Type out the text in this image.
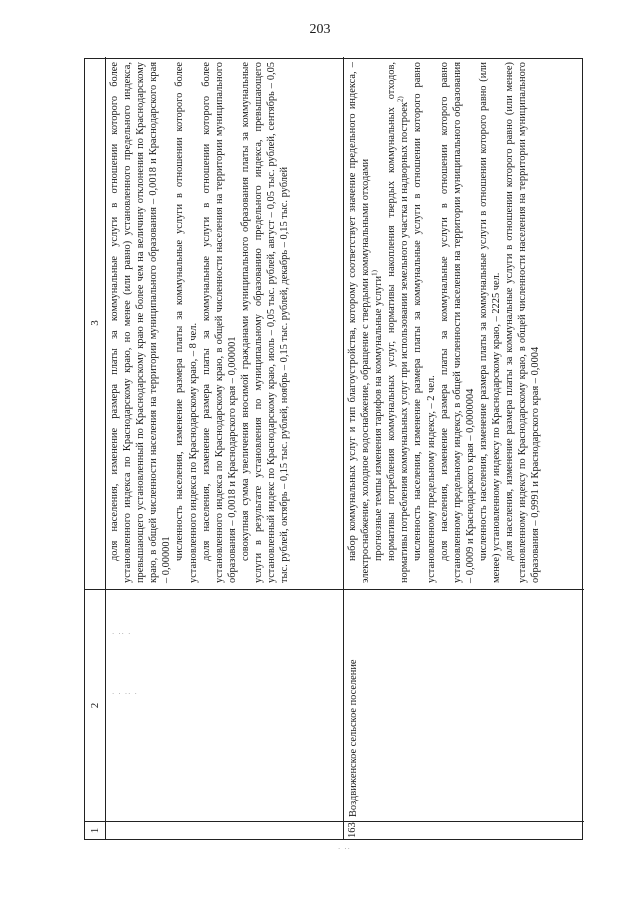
203
1
2
3 доля населения, изменение размера платы за коммунальные услуги в отношении которого более установленного индекса по Краснодарскому краю, но менее (или равно) установленного предельного индекса, превышающего установленный по Краснодарскому краю не более чем на величину отклонения по Краснодарскому краю, в общей численности населения на территории муниципального образования – 0,0018 и Краснодарского края – 0,000001 численность населения, изменение размера платы за коммунальные услуги в отношении которого более установленного индекса по Краснодарскому краю, – 8 чел. доля населения, изменение размера платы за коммунальные услуги в отношении которого более установленного индекса по Краснодарскому краю, в общей численности населения на территории муниципального образования – 0,0018 и Краснодарского края – 0,000001 совокупная сумма увеличения вносимой гражданами муниципального образования платы за коммунальные услуги в результате установления по муниципальному образованию предельного индекса, превышающего установленный индекс по Краснодарскому краю, июль – 0,05 тыс. рублей, август – 0,05 тыс. рублей, сентябрь – 0,05 тыс. рублей, октябрь – 0,15 тыс. рублей, ноябрь – 0,15 тыс. рублей, декабрь – 0,15 тыс. рублей

163
Воздвиженское сельское поселение

набор коммунальных услуг и тип благоустройства, которому соответствует значение предельного индекса, – электроснабжение, холодное водоснабжение, обращение с твердыми коммунальными отходами прогнозные темпы изменения тарифов на коммунальные услуги$^{1)}$ нормативы потребления коммунальных услуг, нормативы накопления твердых коммунальных отходов, нормативы потребления коммунальных услуг при использовании земельного участка и надворных построек$^{2)}$ численность населения, изменение размера платы за коммунальные услуги в отношении которого равно установленному предельному индексу, – 2 чел. доля населения, изменение размера платы за коммунальные услуги в отношении которого равно установленному предельному индексу, в общей численности населения на территории муниципального образования – 0,0009 и Краснодарского края – 0,0000004 численность населения, изменение размера платы за коммунальные услуги в отношении которого равно (или менее) установленному индексу по Краснодарскому краю, – 2225 чел. доля населения, изменение размера платы за коммунальные услуги в отношении которого равно (или менее) установленному индексу по Краснодарскому краю, в общей численности населения на территории муниципального образования – 0,9991 и Краснодарского края – 0,0004

· ·· ·
· · ·· ·
· ··
